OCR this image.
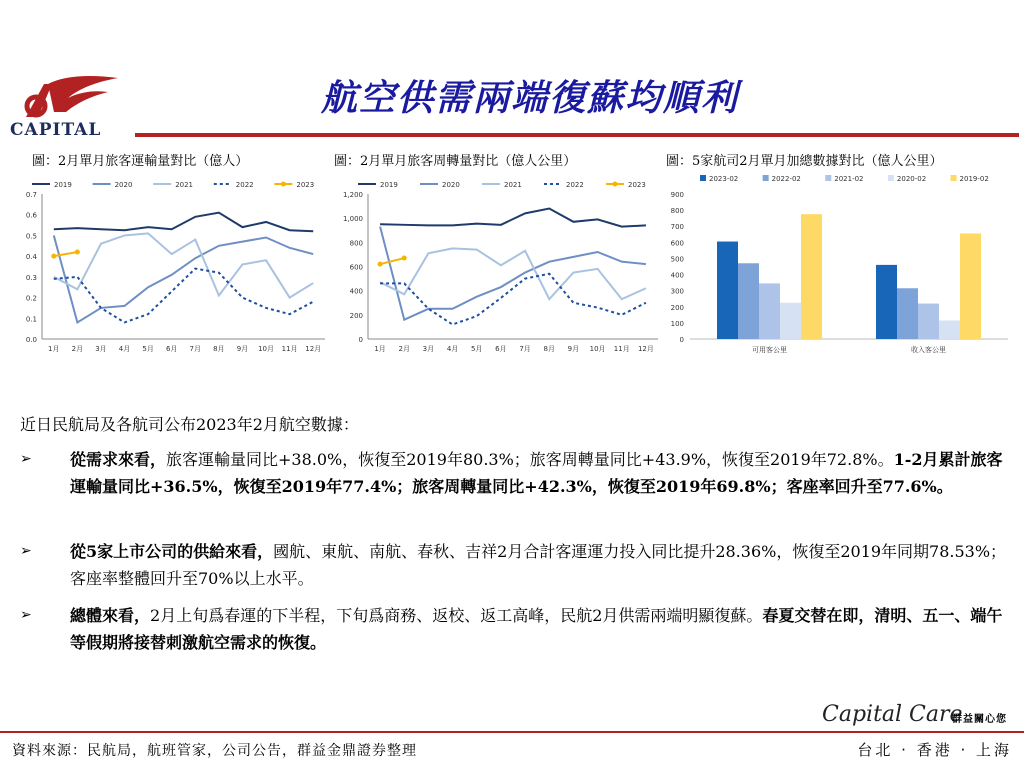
CAPITAL
航空供需兩端復蘇均順利
圖：2月單月旅客運輸量對比（億人）	圖：2月單月旅客周轉量對比（億人公里）	圖：5家航司2月單月加總數據對比（億人公里）
0.0
0.1
0.2
0.3
0.4
0.5
0.6
0.7
1月 2月 3月 4月 5月 6月 7月 8月 9月 10月 11月 12月
2019	2020	2021	2022	2023
0
200
400
600
800
1,000
1,200
1月 2月 3月 4月 5月 6月 7月 8月 9月 10月 11月 12月
2019	2020	2021	2022	2023
0
100
200
300
400
500
600
700
800
900
可用客公里	收入客公里
2023-02	2022-02	2021-02	2020-02	2019-02
近日民航局及各航司公布2023年2月航空數據：
➢ 從需求來看，旅客運輸量同比+38.0%，恢復至2019年80.3%；旅客周轉量同比+43.9%，恢復至2019年72.8%。1-2月累計旅客運輸量同比+36.5%，恢復至2019年77.4%；旅客周轉量同比+42.3%，恢復至2019年69.8%；客座率回升至77.6%。
➢ 從5家上市公司的供給來看，國航、東航、南航、春秋、吉祥2月合計客運運力投入同比提升28.36%，恢復至2019年同期78.53%；客座率整體回升至70%以上水平。
➢ 總體來看，2月上旬爲春運的下半程，下旬爲商務、返校、返工高峰，民航2月供需兩端明顯復蘇。春夏交替在即，清明、五一、端午等假期將接替刺激航空需求的恢復。
Capital Care
群益關心您
資料來源：民航局，航班管家，公司公告，群益金鼎證券整理	台北 · 香港 · 上海
